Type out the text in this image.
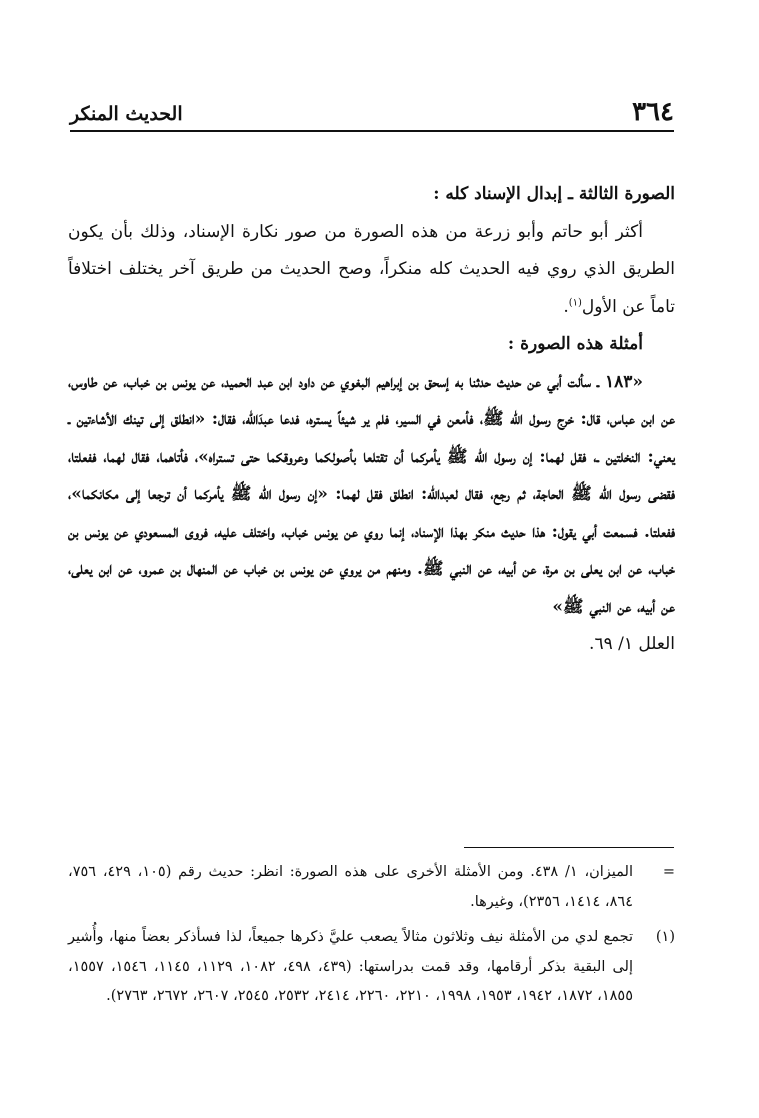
٣٦٤
الحديث المنكر

الصورة الثالثة ـ إبدال الإسناد كله :

أكثر أبو حاتم وأبو زرعة من هذه الصورة من صور نكارة الإسناد، وذلك بأن يكون الطريق الذي روي فيه الحديث كله منكراً، وصح الحديث من طريق آخر يختلف اختلافاً تاماً عن الأول$^{(١)}$.

أمثلة هذه الصورة :

«١٨٣ ـ سألت أبي عن حديث حدثنا به إسحق بن إبراهيم البغوي عن داود ابن عبد الحميد، عن يونس بن خباب، عن طاوس، عن ابن عباس، قال: خرج رسول الله ﷺ، فأمعن في السير، فلم ير شيئاً يستره، فدعا عبدَالله، فقال: «انطلق إلى تينك الأشاءتين ـ يعني: النخلتين ـ، فقل لهما: إن رسول الله ﷺ يأمركما أن تقتلعا بأصولكما وعروقكما حتى تستراه»، فأتاهما، فقال لهما، ففعلتا، فقضى رسول الله ﷺ الحاجة، ثم رجع، فقال لعبدالله: انطلق فقل لهما: «إن رسول الله ﷺ يأمركما أن ترجعا إلى مكانكما»، ففعلتا. فسمعت أبي يقول: هذا حديث منكر بهذا الإسناد، إنما روي عن يونس خباب، واختلف عليه، فروى المسعودي عن يونس بن خباب، عن ابن يعلى بن مرة، عن أبيه، عن النبي ﷺ. ومنهم من يروي عن يونس بن خباب عن المنهال بن عمرو، عن ابن يعلى، عن أبيه، عن النبي ﷺ»

العلل ١/ ٦٩.

=
الميزان، ١/ ٤٣٨. ومن الأمثلة الأخرى على هذه الصورة: انظر: حديث رقم (١٠٥، ٤٢٩، ٧٥٦، ٨٦٤، ١٤١٤، ٢٣٥٦)، وغيرها.
(١)
تجمع لدي من الأمثلة نيف وثلاثون مثالاً يصعب عليَّ ذكرها جميعاً، لذا فسأذكر بعضاً منها، وأُشير إلى البقية بذكر أرقامها، وقد قمت بدراستها: (٤٣٩، ٤٩٨، ١٠٨٢، ١١٢٩، ١١٤٥، ١٥٤٦، ١٥٥٧، ١٨٥٥، ١٨٧٢، ١٩٤٢، ١٩٥٣، ١٩٩٨، ٢٢١٠، ٢٢٦٠، ٢٤١٤، ٢٥٣٢، ٢٥٤٥، ٢٦٠٧، ٢٦٧٢، ٢٧٦٣).
